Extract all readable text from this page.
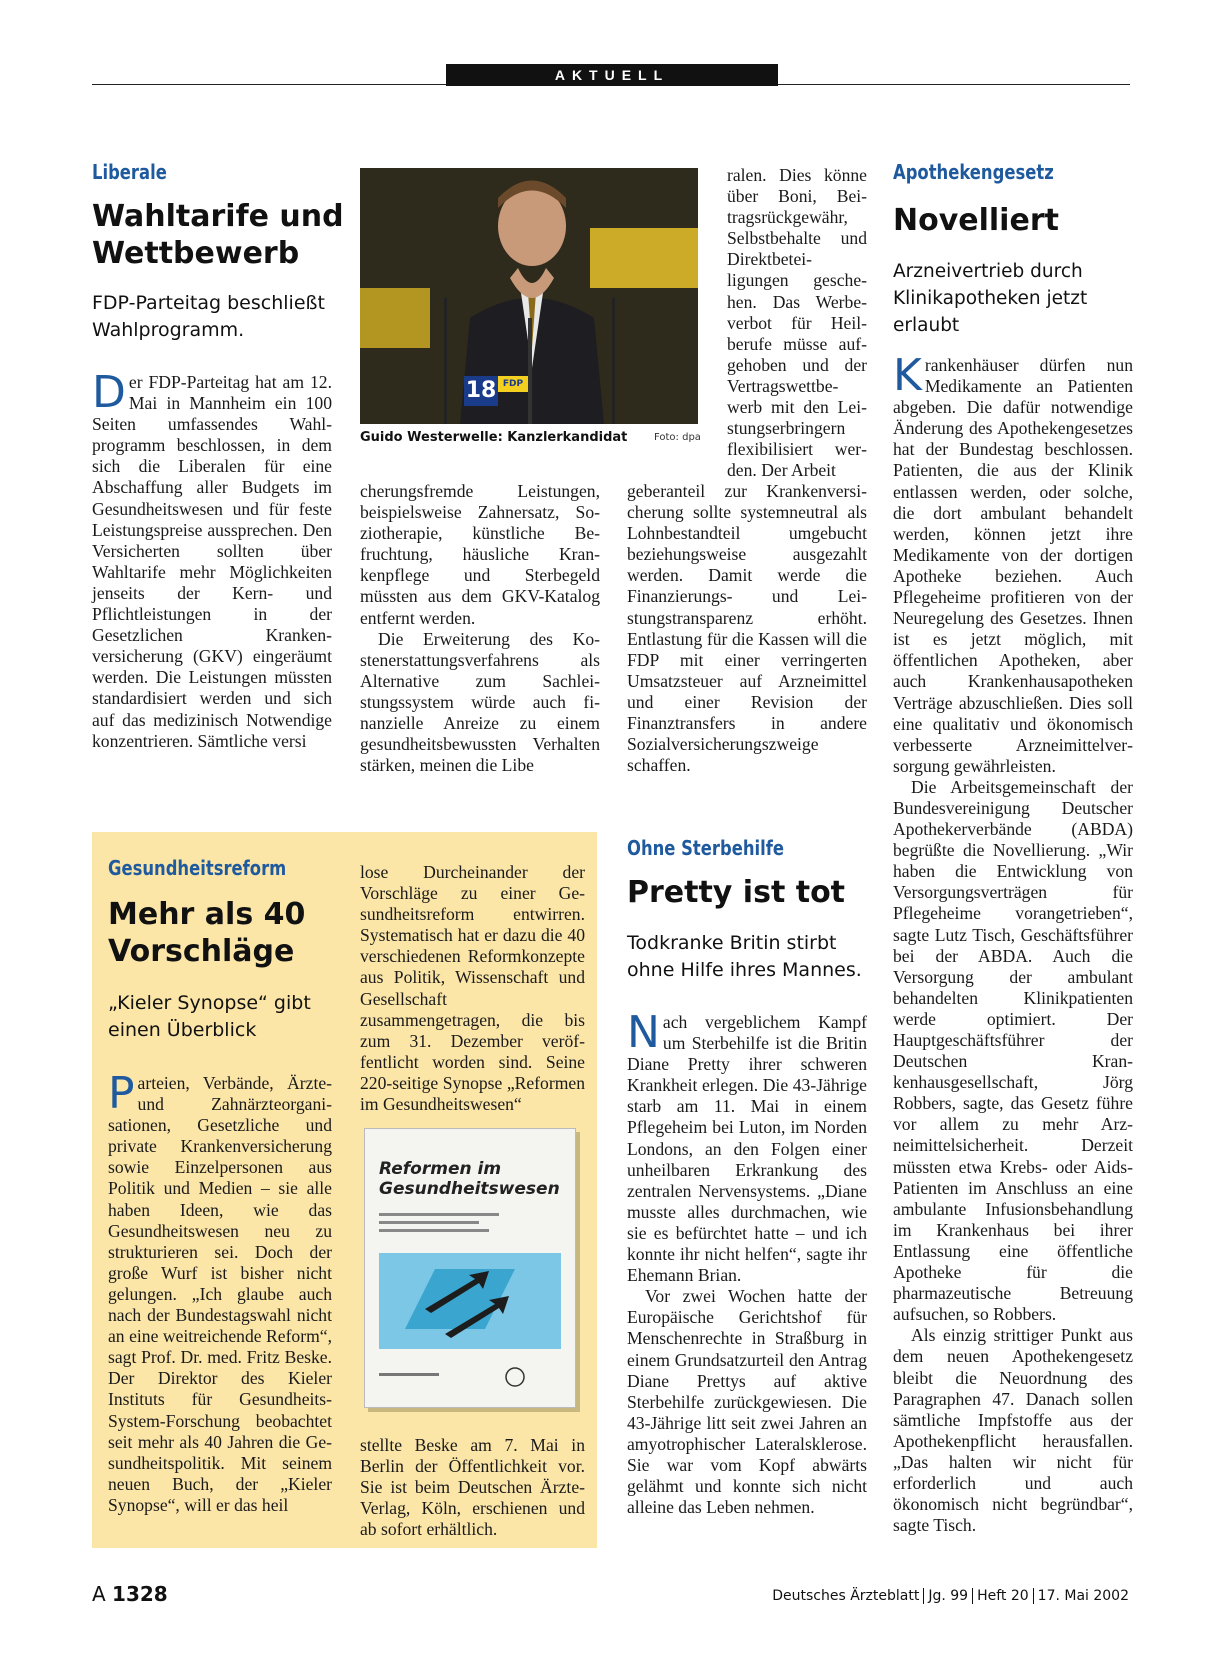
AKTUELL
Liberale
Wahltarife und Wettbewerb
FDP-Parteitag beschließt Wahlprogramm.

Der FDP-Parteitag hat am 12. Mai in Mannheim ein 100 Seiten umfassendes Wahlprogramm beschlossen, in dem sich die Liberalen für eine Abschaffung aller Budgets im Gesundheitswesen und für feste Leistungspreise aussprechen. Den Versicherten sollten über Wahltarife mehr Möglichkeiten jenseits der Kern- und Pflichtleistungen in der Gesetzlichen Krankenversicherung (GKV) eingeräumt werden. Die Leistungen müssten standardisiert werden und sich auf das medizinisch Notwendige konzentrieren. Sämtliche versi

18 FDP
Guido Westerwelle: Kanzlerkandidat	Foto: dpa

cherungsfremde Leistungen, beispielsweise Zahnersatz, Soziotherapie, künstliche Befruchtung, häusliche Krankenpflege und Sterbegeld müssten aus dem GKV-Katalog entfernt werden.

Die Erweiterung des Kostenerstattungsverfahrens als Alternative zum Sachleistungssystem würde auch finanzielle Anreize zu einem gesundheitsbewussten Verhalten stärken, meinen die Libe

ralen. Dies könne über Boni, Beitragsrückgewähr, Selbstbehalte und Direktbeteiligungen geschehen. Das Werbeverbot für Heilberufe müsse aufgehoben und der Vertragswettbewerb mit den Leistungserbringern flexibilisiert werden. Der Arbeit
geberanteil zur Krankenversicherung sollte systemneutral als Lohnbestandteil umgebucht beziehungsweise ausgezahlt werden. Damit werde die Finanzierungs- und Leistungstransparenz erhöht. Entlastung für die Kassen will die FDP mit einer verringerten Umsatzsteuer auf Arzneimittel und einer Revision der Finanztransfers in andere Sozialversicherungszweige schaffen.
Apothekengesetz
Novelliert
Arzneivertrieb durch Klinikapotheken jetzt erlaubt

Krankenhäuser dürfen nun Medikamente an Patienten abgeben. Die dafür notwendige Änderung des Apothekengesetzes hat der Bundestag beschlossen. Patienten, die aus der Klinik entlassen werden, oder solche, die dort ambulant behandelt werden, können jetzt ihre Medikamente von der dortigen Apotheke beziehen. Auch Pflegeheime profitieren von der Neuregelung des Gesetzes. Ihnen ist es jetzt möglich, mit öffentlichen Apotheken, aber auch Krankenhausapotheken Verträge abzuschließen. Dies soll eine qualitativ und ökonomisch verbesserte Arzneimittelversorgung gewährleisten.

Die Arbeitsgemeinschaft der Bundesvereinigung Deutscher Apothekerverbände (ABDA) begrüßte die Novellierung. „Wir haben die Entwicklung von Versorgungsverträgen für Pflegeheime vorangetrieben“, sagte Lutz Tisch, Geschäftsführer bei der ABDA. Auch die Versorgung der ambulant behandelten Klinikpatienten werde optimiert. Der Hauptgeschäftsführer der Deutschen Krankenhausgesellschaft, Jörg Robbers, sagte, das Gesetz führe vor allem zu mehr Arzneimittelsicherheit. Derzeit müssten etwa Krebs- oder Aids-Patienten im Anschluss an eine ambulante Infusionsbehandlung im Krankenhaus bei ihrer Entlassung eine öffentliche Apotheke für die pharmazeutische Betreuung aufsuchen, so Robbers.

Als einzig strittiger Punkt aus dem neuen Apothekengesetz bleibt die Neuordnung des Paragraphen 47. Danach sollen sämtliche Impfstoffe aus der Apothekenpflicht herausfallen. „Das halten wir nicht für erforderlich und auch ökonomisch nicht begründbar“, sagte Tisch.

Gesundheitsreform
Mehr als 40 Vorschläge
„Kieler Synopse“ gibt einen Überblick

Parteien, Verbände, Ärzte- und Zahnärzteorganisationen, Gesetzliche und private Krankenversicherung sowie Einzelpersonen aus Politik und Medien – sie alle haben Ideen, wie das Gesundheitswesen neu zu strukturieren sei. Doch der große Wurf ist bisher nicht gelungen. „Ich glaube auch nach der Bundestagswahl nicht an eine weitreichende Reform“, sagt Prof. Dr. med. Fritz Beske. Der Direktor des Kieler Instituts für Gesundheits-System-Forschung beobachtet seit mehr als 40 Jahren die Gesundheitspolitik. Mit seinem neuen Buch, der „Kieler Synopse“, will er das heil

lose Durcheinander der Vorschläge zu einer Gesundheitsreform entwirren. Systematisch hat er dazu die 40 verschiedenen Reformkonzepte aus Politik, Wissenschaft und Gesellschaft zusammengetragen, die bis zum 31. Dezember veröffentlicht worden sind. Seine 220-seitige Synopse „Reformen im Gesundheitswesen“
Reformen im Gesundheitswesen
stellte Beske am 7. Mai in Berlin der Öffentlichkeit vor. Sie ist beim Deutschen Ärzte-Verlag, Köln, erschienen und ab sofort erhältlich.
Ohne Sterbehilfe
Pretty ist tot
Todkranke Britin stirbt ohne Hilfe ihres Mannes.

Nach vergeblichem Kampf um Sterbehilfe ist die Britin Diane Pretty ihrer schweren Krankheit erlegen. Die 43-Jährige starb am 11. Mai in einem Pflegeheim bei Luton, im Norden Londons, an den Folgen einer unheilbaren Erkrankung des zentralen Nervensystems. „Diane musste alles durchmachen, wie sie es befürchtet hatte – und ich konnte ihr nicht helfen“, sagte ihr Ehemann Brian.

Vor zwei Wochen hatte der Europäische Gerichtshof für Menschenrechte in Straßburg in einem Grundsatzurteil den Antrag Diane Prettys auf aktive Sterbehilfe zurückgewiesen. Die 43-Jährige litt seit zwei Jahren an amyotrophischer Lateralsklerose. Sie war vom Kopf abwärts gelähmt und konnte sich nicht alleine das Leben nehmen.

A 1328	Deutsches Ärzteblatt Jg. 99 Heft 20 17. Mai 2002
